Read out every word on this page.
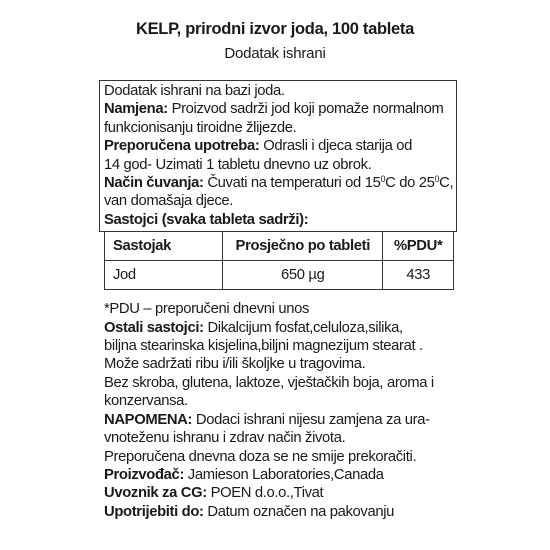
KELP, prirodni izvor joda, 100 tableta
Dodatak ishrani

Dodatak ishrani na bazi joda.

Namjena: Proizvod sadrži jod koji pomaže normalnom

funkcionisanju tiroidne žlijezde.

Preporučena upotreba: Odrasli i djeca starija od

14 god- Uzimati 1 tabletu dnevno uz obrok.

Način čuvanja: Čuvati na temperaturi od $15^0C$ do $25^0C$,

van domašaja djece.

Sastojci (svaka tableta sadrži):

Sastojak	Prosječno po tableti	%PDU*
Jod	650 µg	433

*PDU – preporučeni dnevni unos

Ostali sastojci: Dikalcijum fosfat,celuloza,silika,

biljna stearinska kisjelina,biljni magnezijum stearat .

Može sadržati ribu i/ili školjke u tragovima.

Bez skroba, glutena, laktoze, vještačkih boja, aroma i

konzervansa.

NAPOMENA: Dodaci ishrani nijesu zamjena za ura-

vnoteženu ishranu i zdrav način života.

Preporučena dnevna doza se ne smije prekoračiti.

Proizvođač: Jamieson Laboratories,Canada

Uvoznik za CG: POEN d.o.o.,Tivat

Upotrijebiti do: Datum označen na pakovanju
